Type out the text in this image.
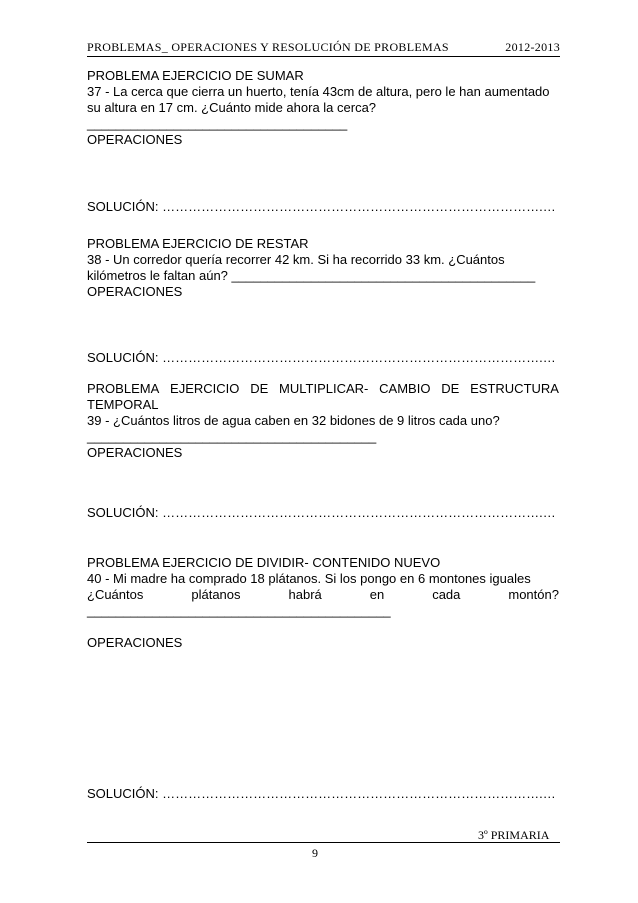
PROBLEMAS_ OPERACIONES Y RESOLUCIÓN DE PROBLEMAS	2012-2013
PROBLEMA EJERCICIO DE SUMAR
37 - La cerca que cierra un huerto, tenía 43cm de altura, pero le han aumentado
su altura en 17 cm. ¿Cuánto mide ahora la cerca?
____________________________________
OPERACIONES
SOLUCIÓN: …………………………………………………………………………….…
PROBLEMA EJERCICIO DE RESTAR
38 - Un corredor quería recorrer 42 km. Si ha recorrido 33 km. ¿Cuántos
kilómetros le faltan aún? __________________________________________
OPERACIONES
SOLUCIÓN: …………………………………………………………………………….…
PROBLEMA EJERCICIO DE MULTIPLICAR- CAMBIO DE ESTRUCTURA
TEMPORAL
39 - ¿Cuántos litros de agua caben en 32 bidones de 9 litros cada uno?
________________________________________
OPERACIONES
SOLUCIÓN: …………………………………………………………………………….…
PROBLEMA EJERCICIO DE DIVIDIR- CONTENIDO NUEVO
40 - Mi madre ha comprado 18 plátanos. Si los pongo en 6 montones iguales
¿Cuántos	plátanos	habrá	en	cada	montón?
__________________________________________
OPERACIONES
SOLUCIÓN: …………………………………………………………………………….…
3º PRIMARIA
9
